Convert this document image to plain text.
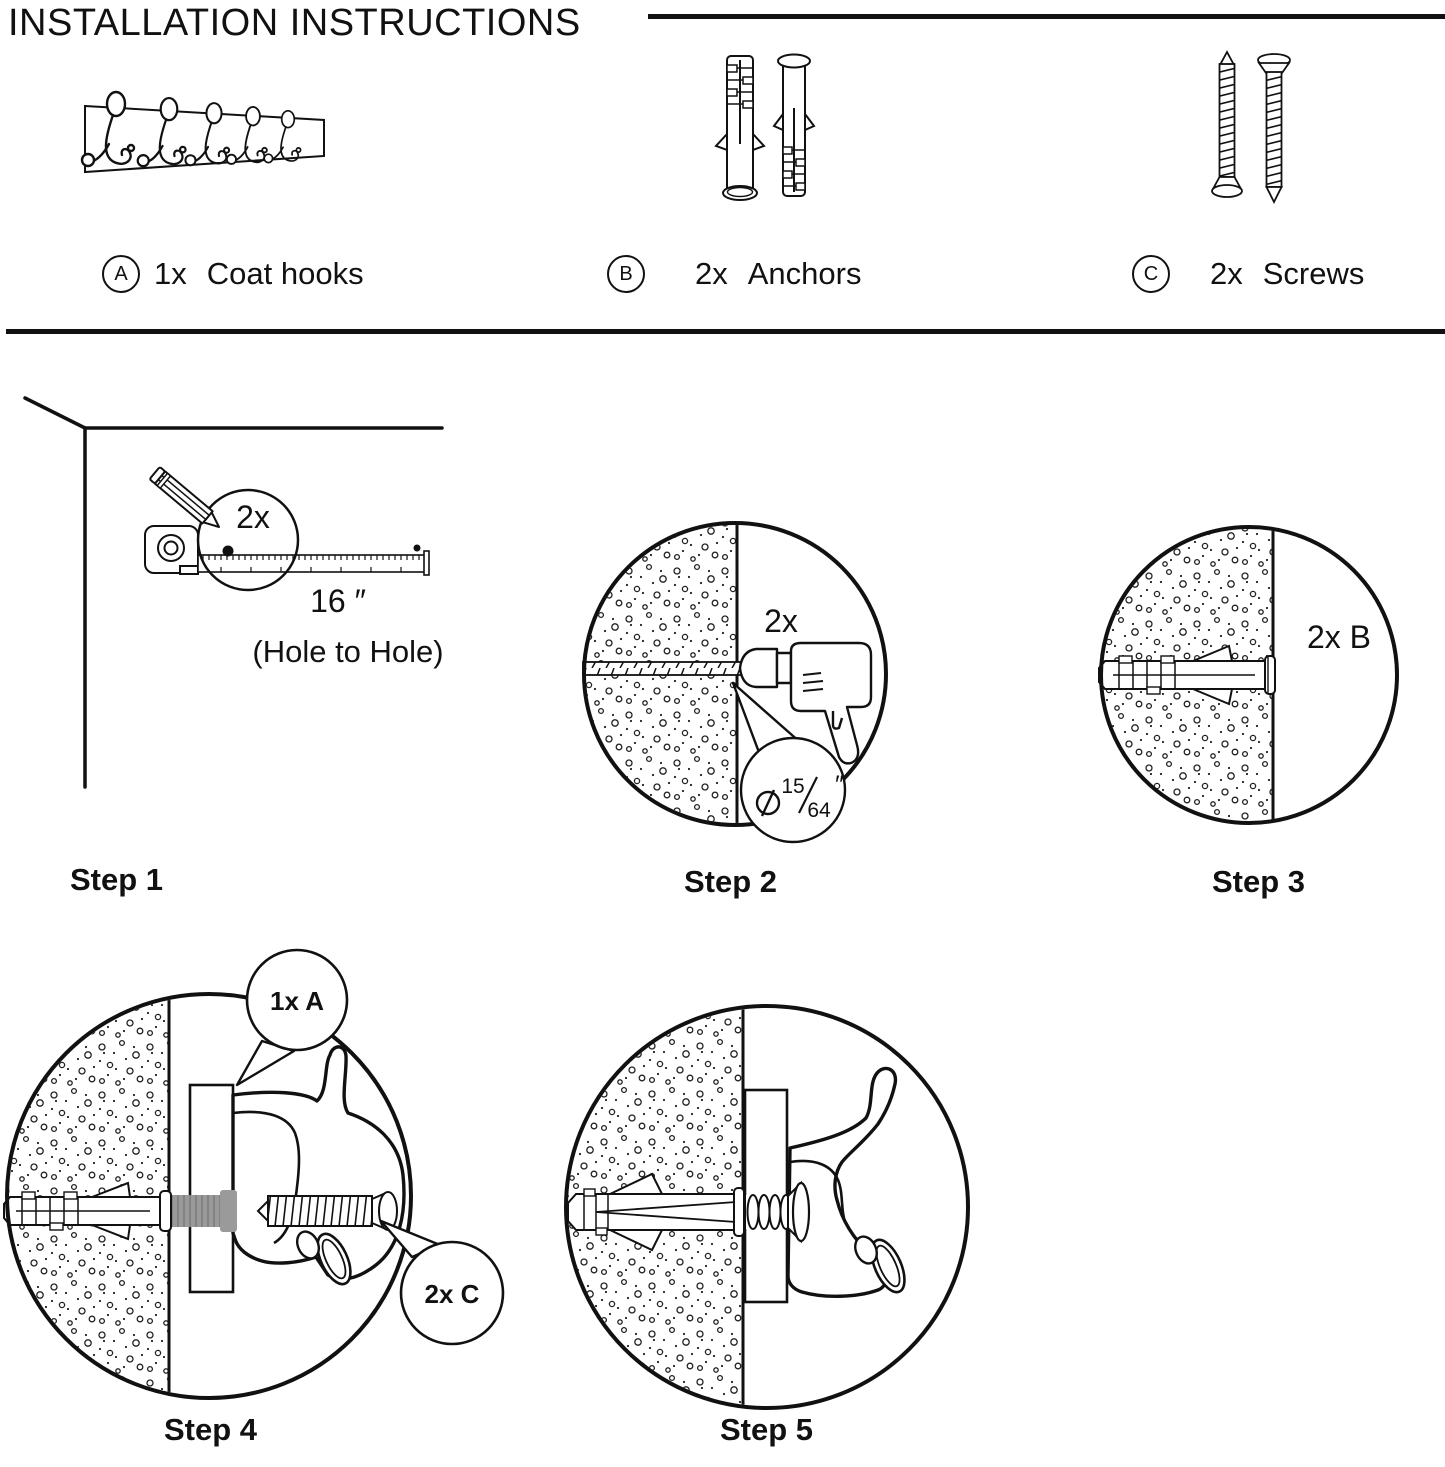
INSTALLATION INSTRUCTIONS
A 1x Coat hooks	B	2x Anchors	C	2x Screws
2x
16 ″
(Hole to Hole)
Step 1
2x
15
64
″
Step 2
2x B
Step 3
1x A
2x C
Step 4	Step 5
